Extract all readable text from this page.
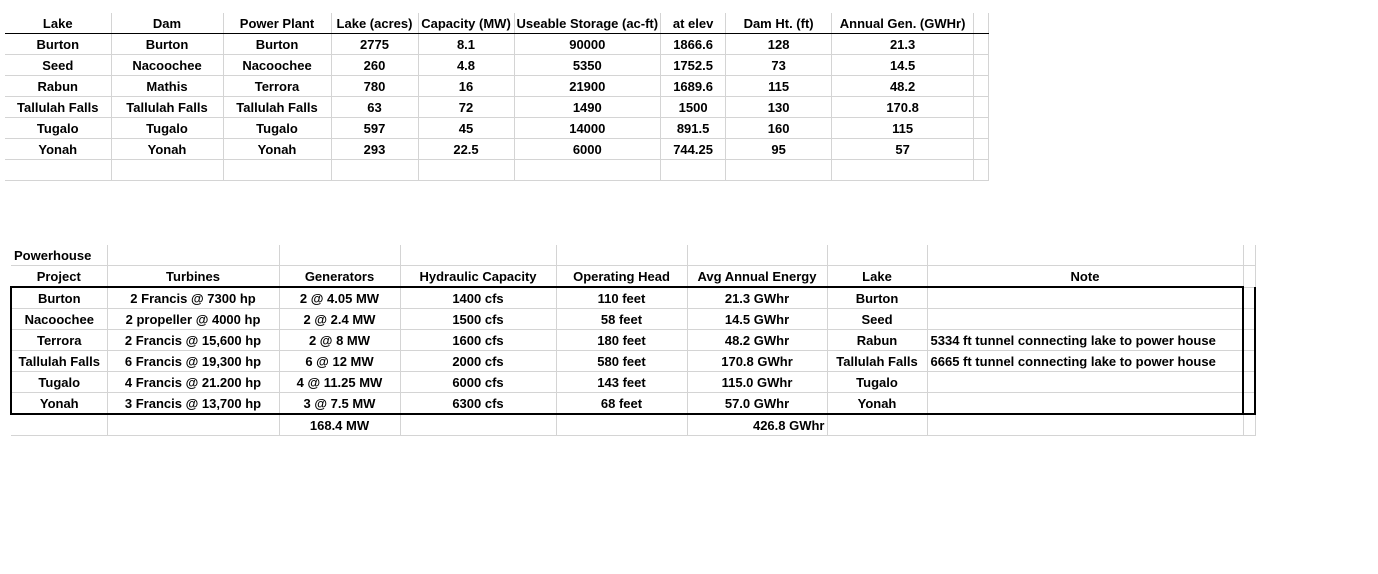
Lake	Dam	Power Plant	Lake (acres)	Capacity (MW)	Useable Storage (ac-ft)	at elev	Dam Ht. (ft)	Annual Gen. (GWHr)	
Burton	Burton	Burton	2775	8.1	90000	1866.6	128	21.3	
Seed	Nacoochee	Nacoochee	260	4.8	5350	1752.5	73	14.5	
Rabun	Mathis	Terrora	780	16	21900	1689.6	115	48.2	
Tallulah Falls	Tallulah Falls	Tallulah Falls	63	72	1490	1500	130	170.8	
Tugalo	Tugalo	Tugalo	597	45	14000	891.5	160	115	
Yonah	Yonah	Yonah	293	22.5	6000	744.25	95	57	

Powerhouse								
Project	Turbines	Generators	Hydraulic Capacity	Operating Head	Avg Annual Energy	Lake	Note	
Burton	2 Francis @ 7300 hp	2 @ 4.05 MW	1400 cfs	110 feet	21.3 GWhr	Burton		
Nacoochee	2 propeller @ 4000 hp	2 @ 2.4 MW	1500 cfs	58 feet	14.5 GWhr	Seed		
Terrora	2 Francis @ 15,600 hp	2 @ 8 MW	1600 cfs	180 feet	48.2 GWhr	Rabun	5334 ft tunnel connecting lake to power house	
Tallulah Falls	6 Francis @ 19,300 hp	6 @ 12 MW	2000 cfs	580 feet	170.8 GWhr	Tallulah Falls	6665 ft tunnel connecting lake to power house	
Tugalo	4 Francis @ 21.200 hp	4 @ 11.25 MW	6000 cfs	143 feet	115.0 GWhr	Tugalo		
Yonah	3 Francis @ 13,700 hp	3 @ 7.5 MW	6300 cfs	68 feet	57.0 GWhr	Yonah		
		168.4 MW			426.8 GWhr			
